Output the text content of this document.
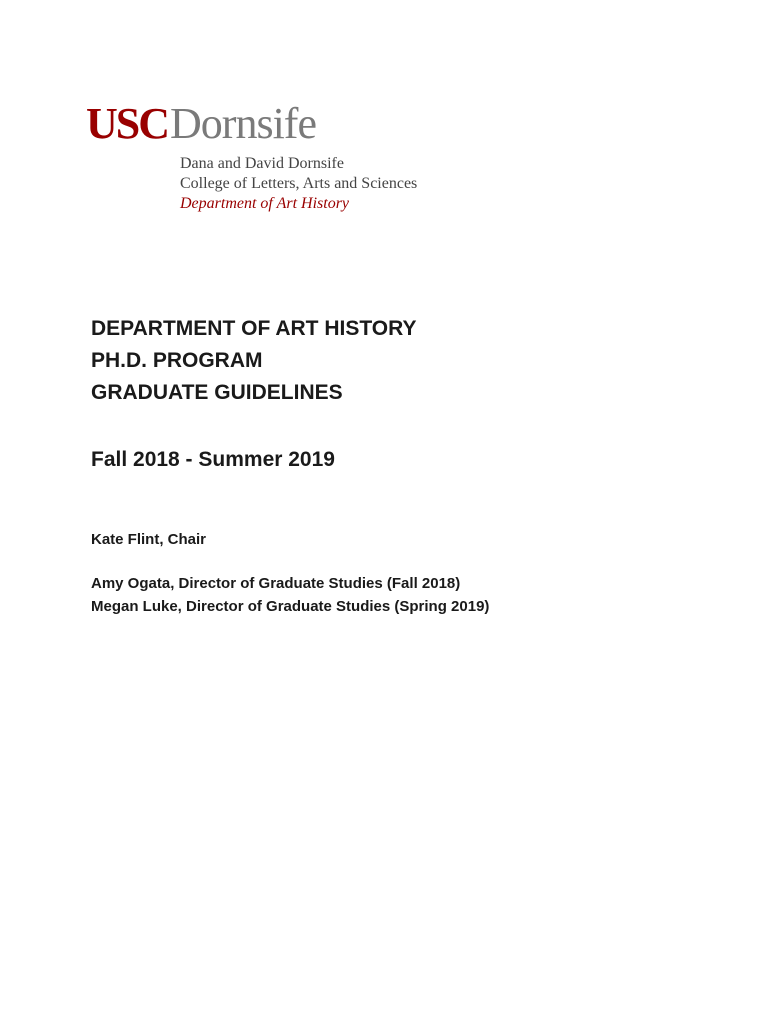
USCDornsife
Dana and David Dornsife
College of Letters, Arts and Sciences
Department of Art History
DEPARTMENT OF ART HISTORY
PH.D. PROGRAM
GRADUATE GUIDELINES
Fall 2018 - Summer 2019
Kate Flint, Chair
Amy Ogata, Director of Graduate Studies (Fall 2018)
Megan Luke, Director of Graduate Studies (Spring 2019)
